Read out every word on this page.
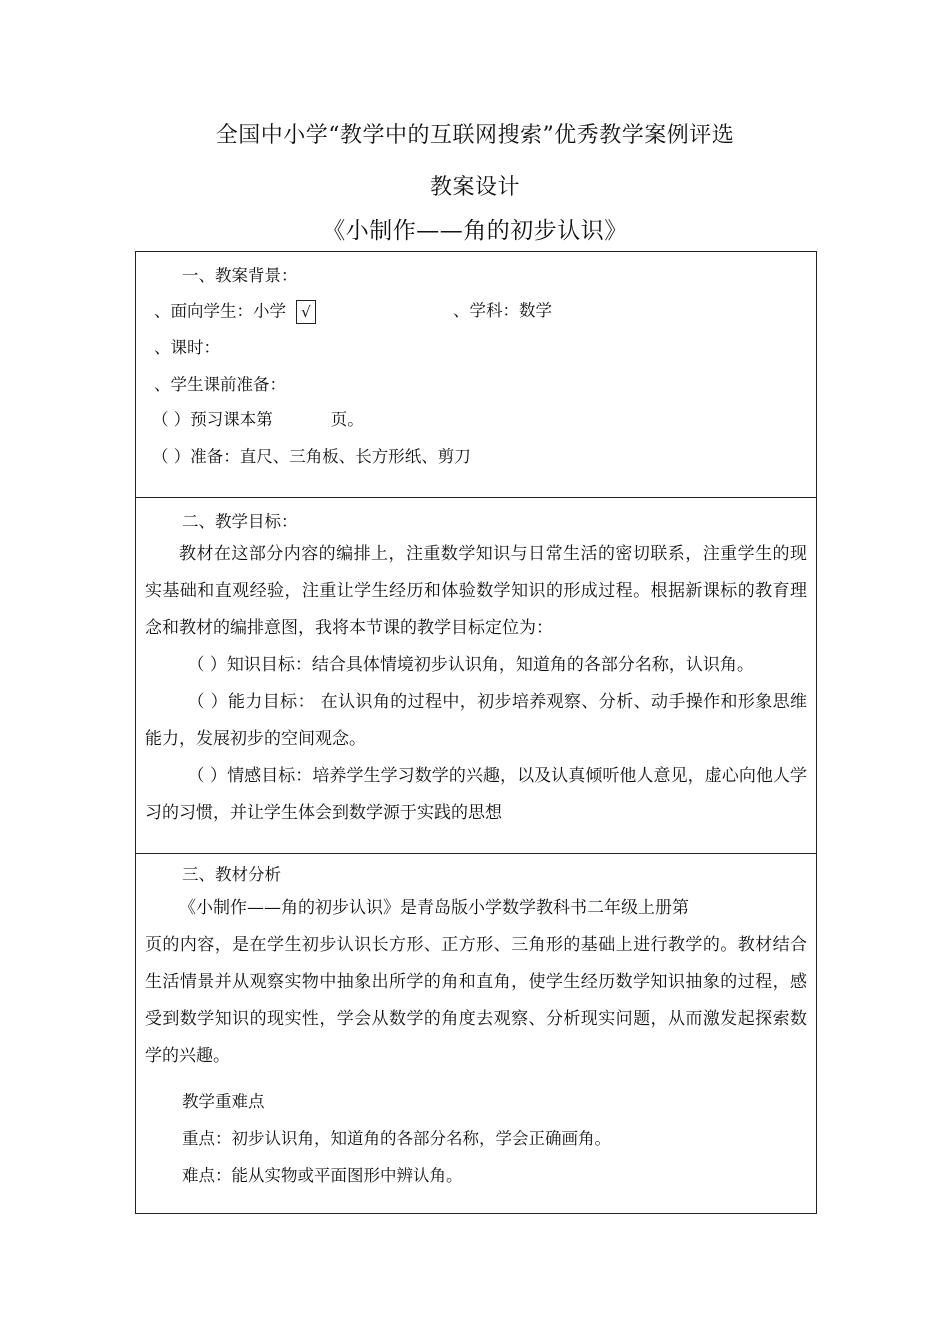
全国中小学“教学中的互联网搜索”优秀教学案例评选
教案设计
《小制作——角的初步认识》
一、教案背景：
、面向学生：小学 √	、学科：数学
、课时：
、学生课前准备：
（ ）预习课本第	页。
（ ）准备：直尺、三角板、长方形纸、剪刀
二、教学目标：

教材在这部分内容的编排上，注重数学知识与日常生活的密切联系，注重学生的现实基础和直观经验，注重让学生经历和体验数学知识的形成过程。根据新课标的教育理念和教材的编排意图，我将本节课的教学目标定位为：

（ ）知识目标：结合具体情境初步认识角，知道角的各部分名称，认识角。

（ ）能力目标： 在认识角的过程中，初步培养观察、分析、动手操作和形象思维能力，发展初步的空间观念。

（ ）情感目标：培养学生学习数学的兴趣，以及认真倾听他人意见，虚心向他人学习的习惯，并让学生体会到数学源于实践的思想

三、教材分析

《小制作——角的初步认识》是青岛版小学数学教科书二年级上册第

页的内容，是在学生初步认识长方形、正方形、三角形的基础上进行教学的。教材结合生活情景并从观察实物中抽象出所学的角和直角，使学生经历数学知识抽象的过程，感受到数学知识的现实性，学会从数学的角度去观察、分析现实问题，从而激发起探索数学的兴趣。

教学重难点
重点：初步认识角，知道角的各部分名称，学会正确画角。
难点：能从实物或平面图形中辨认角。
